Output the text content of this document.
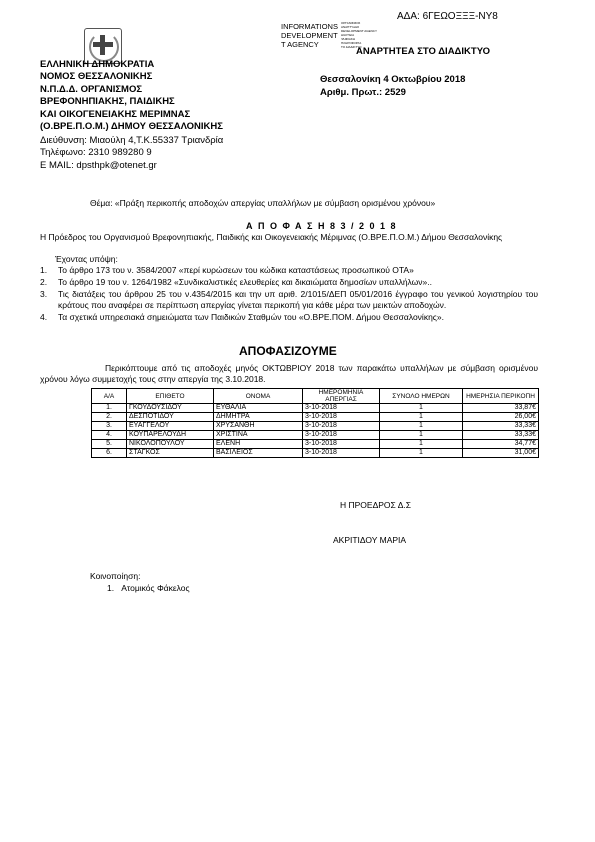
ΑΔΑ: 6ΓΕΩΟΞΞΞ-ΝΥ8
INFORMATIONS
DEVELOPMENT
T AGENCY
ΟΡΓΑΝΙΣΜΟΣ
ΑΝΑΠΤΥΞΗΣ
DEVELOPMENT AGENCY
ΔΙΑΥΓΕΙΑ
ΨΗΦΙΑΚΗ
ΠΛΗΡΟΦΟΡΙΑ
ΤΟ ΔΙΑΔΙΚΤΥΟ
ΑΝΑΡΤΗΤΕΑ ΣΤΟ ΔΙΑΔΙΚΤΥΟ
ΕΛΛΗΝΙΚΗ ΔΗΜΟΚΡΑΤΙΑ
ΝΟΜΟΣ ΘΕΣΣΑΛΟΝΙΚΗΣ
Ν.Π.Δ.Δ. ΟΡΓΑΝΙΣΜΟΣ
ΒΡΕΦΟΝΗΠΙΑΚΗΣ, ΠΑΙΔΙΚΗΣ
ΚΑΙ ΟΙΚΟΓΕΝΕΙΑΚΗΣ ΜΕΡΙΜΝΑΣ
(Ο.ΒΡΕ.Π.Ο.Μ.) ΔΗΜΟΥ ΘΕΣΣΑΛΟΝΙΚΗΣ
Διεύθυνση: Μιαούλη 4,Τ.Κ.55337 Τριανδρία
Τηλέφωνο: 2310 989280 9
E MAIL: dpsthpk@otenet.gr
Θεσσαλονίκη 4 Οκτωβρίου 2018
Αριθμ. Πρωτ.: 2529
Θέμα: «Πράξη περικοπής αποδοχών απεργίας υπαλλήλων με σύμβαση ορισμένου χρόνου»
Α Π Ο Φ Α Σ Η 8 3 / 2 0 1 8
Η Πρόεδρος του Οργανισμού Βρεφονηπιακής, Παιδικής και Οικογενειακής Μέριμνας (Ο.ΒΡΕ.Π.Ο.Μ.) Δήμου Θεσσαλονίκης
Έχοντας υπόψη:
1. Το άρθρο 173 του ν. 3584/2007 «περί κυρώσεων του κώδικα καταστάσεως προσωπικού ΟΤΑ»
2. Το άρθρο 19 του ν. 1264/1982 «Συνδικαλιστικές ελευθερίες και δικαιώματα δημοσίων υπαλλήλων»..
3. Τις διατάξεις του άρθρου 25 του ν.4354/2015 και την υπ αριθ. 2/1015/ΔΕΠ 05/01/2016 έγγραφο του γενικού λογιστηρίου του κράτους που αναφέρει σε περίπτωση απεργίας γίνεται περικοπή για κάθε μέρα των μεικτών αποδοχών.
4. Τα σχετικά υπηρεσιακά σημειώματα των Παιδικών Σταθμών του «Ο.ΒΡΕ.ΠΟΜ. Δήμου Θεσσαλονίκης».
ΑΠΟΦΑΣΙΖΟΥΜΕ
Περικόπτουμε από τις αποδοχές μηνός ΟΚΤΩΒΡΙΟΥ 2018 των παρακάτω υπαλλήλων με σύμβαση ορισμένου χρόνου λόγω συμμετοχής τους στην απεργία της 3.10.2018.
Α/Α	ΕΠΙΘΕΤΟ	ΟΝΟΜΑ	ΗΜΕΡΟΜΗΝΙΑ ΑΠΕΡΓΙΑΣ	ΣΥΝΟΛΟ ΗΜΕΡΩΝ	ΗΜΕΡΗΣΙΑ ΠΕΡΙΚΟΠΗ
1.	ΓΚΟΥΔΟΥΣΙΔΟΥ	ΕΥΘΑΛΙΑ	3-10-2018	1	33,87€
2.	ΔΕΣΠΟΤΙΔΟΥ	ΔΗΜΗΤΡΑ	3-10-2018	1	26,00€
3.	ΕΥΑΓΓΕΛΟΥ	ΧΡΥΣΑΝΘΗ	3-10-2018	1	33,33€
4.	ΚΟΥΠΑΡΕΛΟΥΔΗ	ΧΡΙΣΤΙΝΑ	3-10-2018	1	33,33€
5.	ΝΙΚΟΛΟΠΟΥΛΟΥ	ΕΛΕΝΗ	3-10-2018	1	34,77€
6.	ΣΤΑΓΚΟΣ	ΒΑΣΙΛΕΙΟΣ	3-10-2018	1	31,00€
Η ΠΡΟΕΔΡΟΣ Δ.Σ
ΑΚΡΙΤΙΔΟΥ ΜΑΡΙΑ
Κοινοποίηση:
1. Ατομικός Φάκελος
